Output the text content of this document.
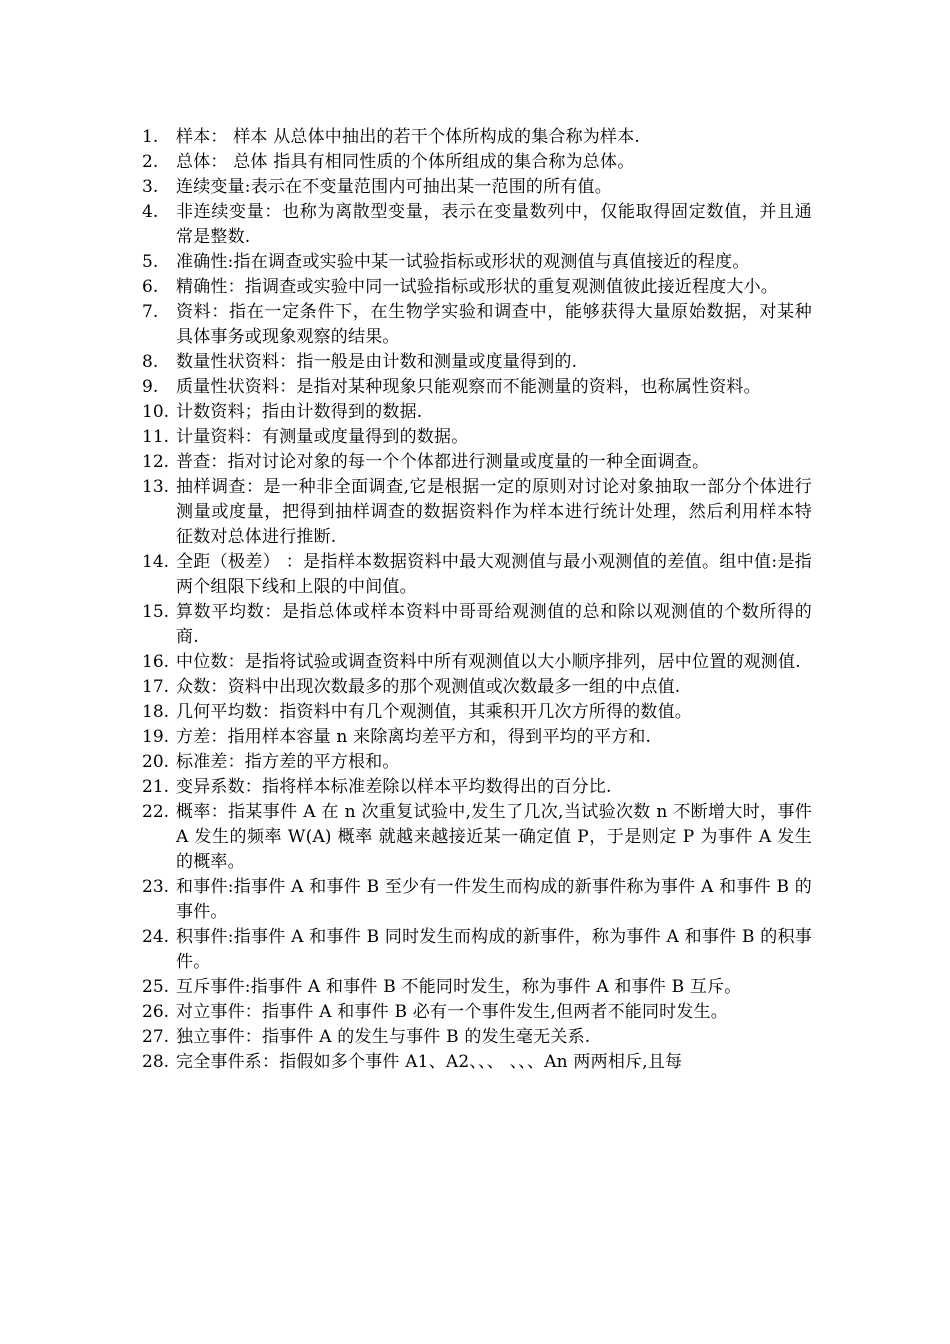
1.	样本： 样本 从总体中抽出的若干个体所构成的集合称为样本.
2.	总体： 总体 指具有相同性质的个体所组成的集合称为总体。
3.	连续变量:表示在不变量范围内可抽出某一范围的所有值。
4.	非连续变量：也称为离散型变量，表示在变量数列中，仅能取得固定数值，并且通常是整数.
5.	准确性:指在调查或实验中某一试验指标或形状的观测值与真值接近的程度。
6.	精确性：指调查或实验中同一试验指标或形状的重复观测值彼此接近程度大小。
7.	资料：指在一定条件下，在生物学实验和调查中，能够获得大量原始数据，对某种具体事务或现象观察的结果。
8.	数量性状资料：指一般是由计数和测量或度量得到的.
9.	质量性状资料：是指对某种现象只能观察而不能测量的资料，也称属性资料。
10. 计数资料；指由计数得到的数据.
11. 计量资料：有测量或度量得到的数据。
12. 普查：指对讨论对象的每一个个体都进行测量或度量的一种全面调查。
13. 抽样调查：是一种非全面调查,它是根据一定的原则对讨论对象抽取一部分个体进行测量或度量，把得到抽样调查的数据资料作为样本进行统计处理，然后利用样本特征数对总体进行推断.
14. 全距（极差） ：是指样本数据资料中最大观测值与最小观测值的差值。组中值:是指两个组限下线和上限的中间值。
15. 算数平均数：是指总体或样本资料中哥哥给观测值的总和除以观测值的个数所得的商.
16. 中位数：是指将试验或调查资料中所有观测值以大小顺序排列，居中位置的观测值.
17. 众数：资料中出现次数最多的那个观测值或次数最多一组的中点值.
18. 几何平均数：指资料中有几个观测值，其乘积开几次方所得的数值。
19. 方差：指用样本容量 n 来除离均差平方和，得到平均的平方和.
20. 标准差：指方差的平方根和。
21. 变异系数：指将样本标准差除以样本平均数得出的百分比.
22. 概率：指某事件 A 在 n 次重复试验中,发生了几次,当试验次数 n 不断增大时，事件 A 发生的频率 W(A) 概率 就越来越接近某一确定值 P，于是则定 P 为事件 A 发生的概率。
23. 和事件:指事件 A 和事件 B 至少有一件发生而构成的新事件称为事件 A 和事件 B 的事件。
24. 积事件:指事件 A 和事件 B 同时发生而构成的新事件，称为事件 A 和事件 B 的积事件。
25. 互斥事件:指事件 A 和事件 B 不能同时发生，称为事件 A 和事件 B 互斥。
26. 对立事件：指事件 A 和事件 B 必有一个事件发生,但两者不能同时发生。
27. 独立事件：指事件 A 的发生与事件 B 的发生毫无关系.
28. 完全事件系：指假如多个事件 A1、A2、、、 、、、An 两两相斥,且每
